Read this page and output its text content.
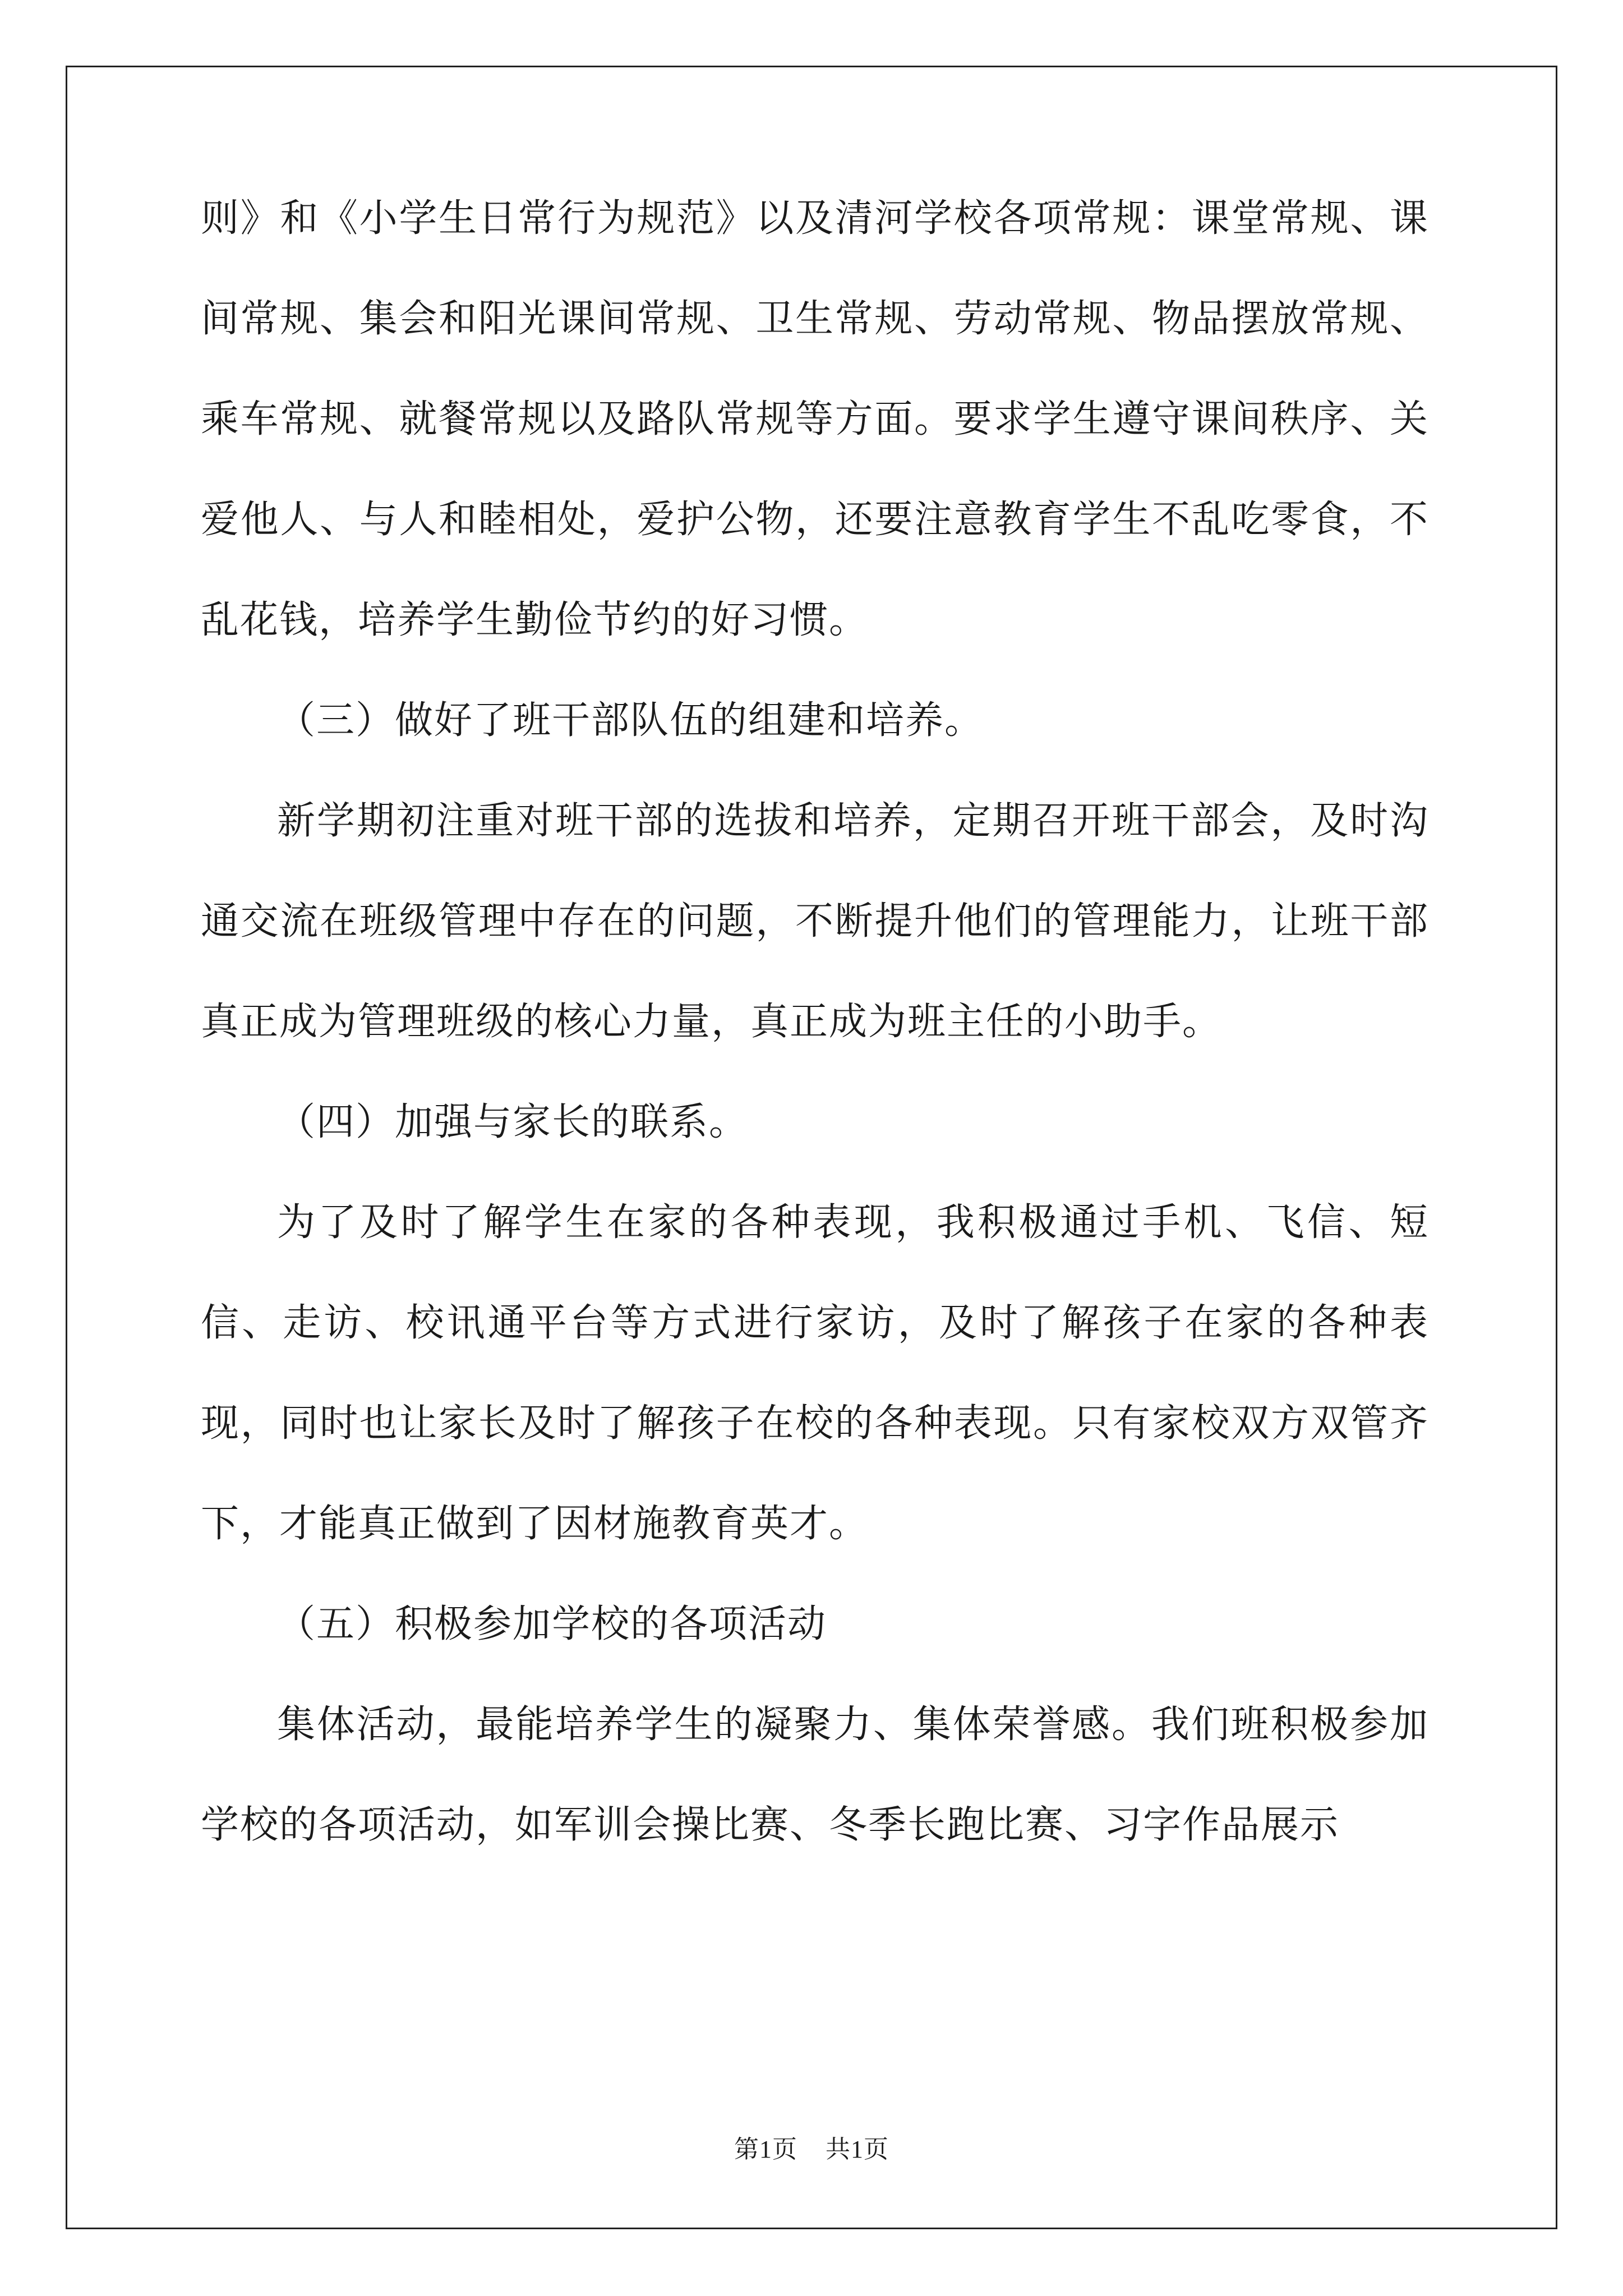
则》和《小学生日常行为规范》以及清河学校各项常规：课堂常规、课间常规、集会和阳光课间常规、卫生常规、劳动常规、物品摆放常规、乘车常规、就餐常规以及路队常规等方面。要求学生遵守课间秩序、关爱他人、与人和睦相处，爱护公物，还要注意教育学生不乱吃零食，不乱花钱，培养学生勤俭节约的好习惯。

（三）做好了班干部队伍的组建和培养。

新学期初注重对班干部的选拔和培养，定期召开班干部会，及时沟通交流在班级管理中存在的问题，不断提升他们的管理能力，让班干部真正成为管理班级的核心力量，真正成为班主任的小助手。

（四）加强与家长的联系。

为了及时了解学生在家的各种表现，我积极通过手机、飞信、短信、走访、校讯通平台等方式进行家访，及时了解孩子在家的各种表现，同时也让家长及时了解孩子在校的各种表现。只有家校双方双管齐下，才能真正做到了因材施教育英才。

（五）积极参加学校的各项活动

集体活动，最能培养学生的凝聚力、集体荣誉感。我们班积极参加学校的各项活动，如军训会操比赛、冬季长跑比赛、习字作品展示

第1页 共1页
